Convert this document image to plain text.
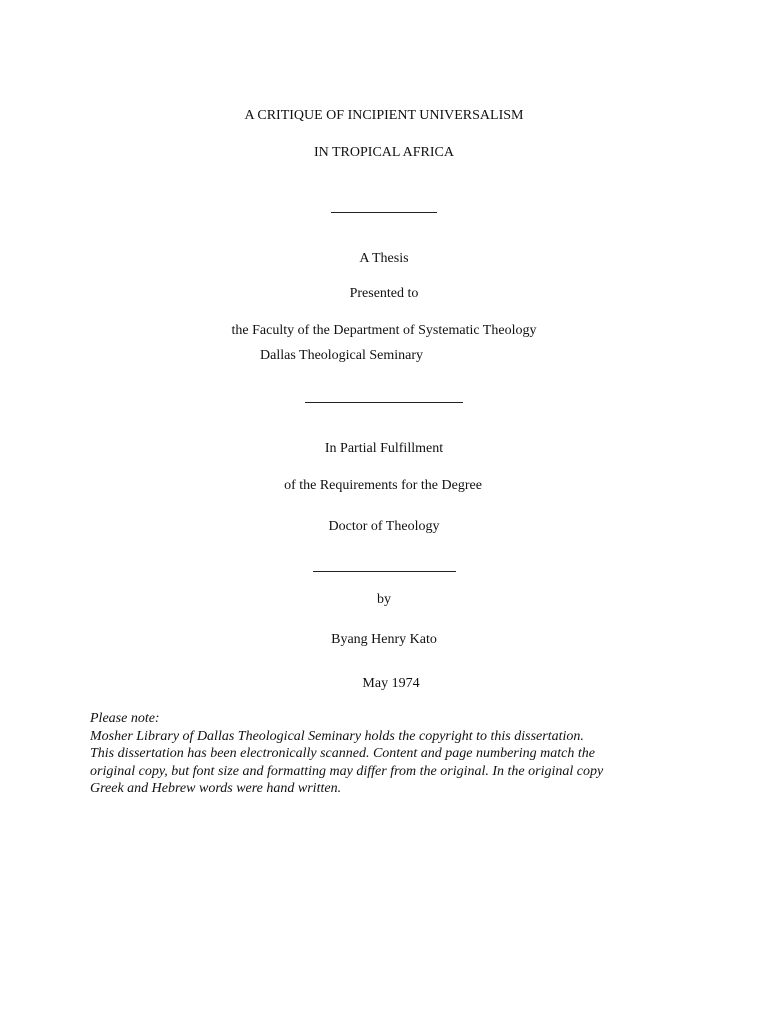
A CRITIQUE OF INCIPIENT UNIVERSALISM
IN TROPICAL AFRICA
A Thesis
Presented to
the Faculty of the Department of Systematic Theology
Dallas Theological Seminary
In Partial Fulfillment
of the Requirements for the Degree
Doctor of Theology
by
Byang Henry Kato
May 1974
Please note:
Mosher Library of Dallas Theological Seminary holds the copyright to this dissertation.
This dissertation has been electronically scanned. Content and page numbering match the
original copy, but font size and formatting may differ from the original. In the original copy
Greek and Hebrew words were hand written.
